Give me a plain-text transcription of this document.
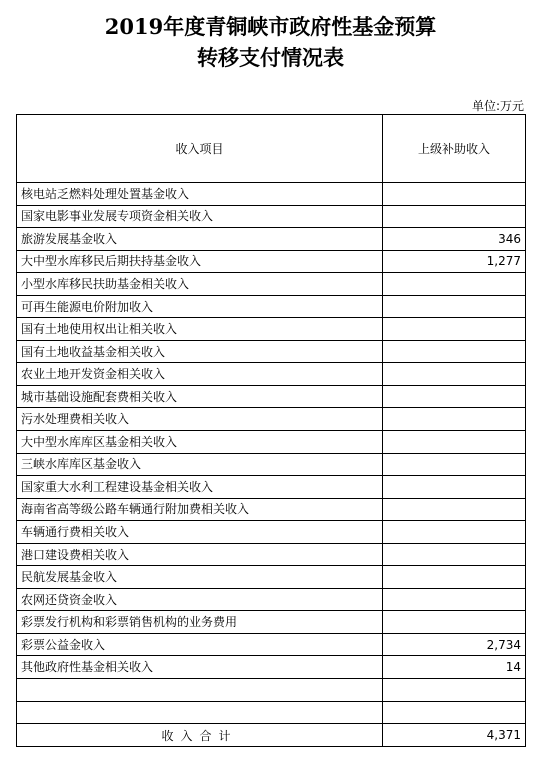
2019年度青铜峡市政府性基金预算
转移支付情况表
单位:万元
收入项目	上级补助收入
核电站乏燃料处理处置基金收入	
国家电影事业发展专项资金相关收入	
旅游发展基金收入	346
大中型水库移民后期扶持基金收入	1,277
小型水库移民扶助基金相关收入	
可再生能源电价附加收入	
国有土地使用权出让相关收入	
国有土地收益基金相关收入	
农业土地开发资金相关收入	
城市基础设施配套费相关收入	
污水处理费相关收入	
大中型水库库区基金相关收入	
三峡水库库区基金收入	
国家重大水利工程建设基金相关收入	
海南省高等级公路车辆通行附加费相关收入	
车辆通行费相关收入	
港口建设费相关收入	
民航发展基金收入	
农网还贷资金收入	
彩票发行机构和彩票销售机构的业务费用	
彩票公益金收入	2,734
其他政府性基金相关收入	14

收入合计	4,371
